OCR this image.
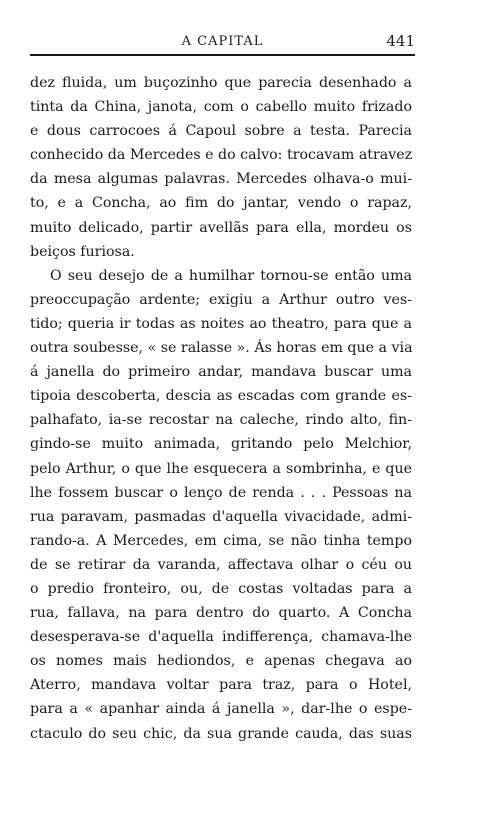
A CAPITAL	441
dez fluida, um buçozinho que parecia desenhado a
tinta da China, janota, com o cabello muito frizado
e dous carrocoes á Capoul sobre a testa. Parecia
conhecido da Mercedes e do calvo: trocavam atravez
da mesa algumas palavras. Mercedes olhava-o mui-
to, e a Concha, ao fim do jantar, vendo o rapaz,
muito delicado, partir avellãs para ella, mordeu os
beiços furiosa.
O seu desejo de a humilhar tornou-se então uma
preoccupação ardente; exigiu a Arthur outro ves-
tido; queria ir todas as noites ao theatro, para que a
outra soubesse, « se ralasse ». Ás horas em que a via
á janella do primeiro andar, mandava buscar uma
tipoia descoberta, descia as escadas com grande es-
palhafato, ia-se recostar na caleche, rindo alto, fin-
gindo-se muito animada, gritando pelo Melchior,
pelo Arthur, o que lhe esquecera a sombrinha, e que
lhe fossem buscar o lenço de renda . . . Pessoas na
rua paravam, pasmadas d'aquella vivacidade, admi-
rando-a. A Mercedes, em cima, se não tinha tempo
de se retirar da varanda, affectava olhar o céu ou
o predio fronteiro, ou, de costas voltadas para a
rua, fallava, na para dentro do quarto. A Concha
desesperava-se d'aquella indifferença, chamava-lhe
os nomes mais hediondos, e apenas chegava ao
Aterro, mandava voltar para traz, para o Hotel,
para a « apanhar ainda á janella », dar-lhe o espe-
ctaculo do seu chic, da sua grande cauda, das suas
